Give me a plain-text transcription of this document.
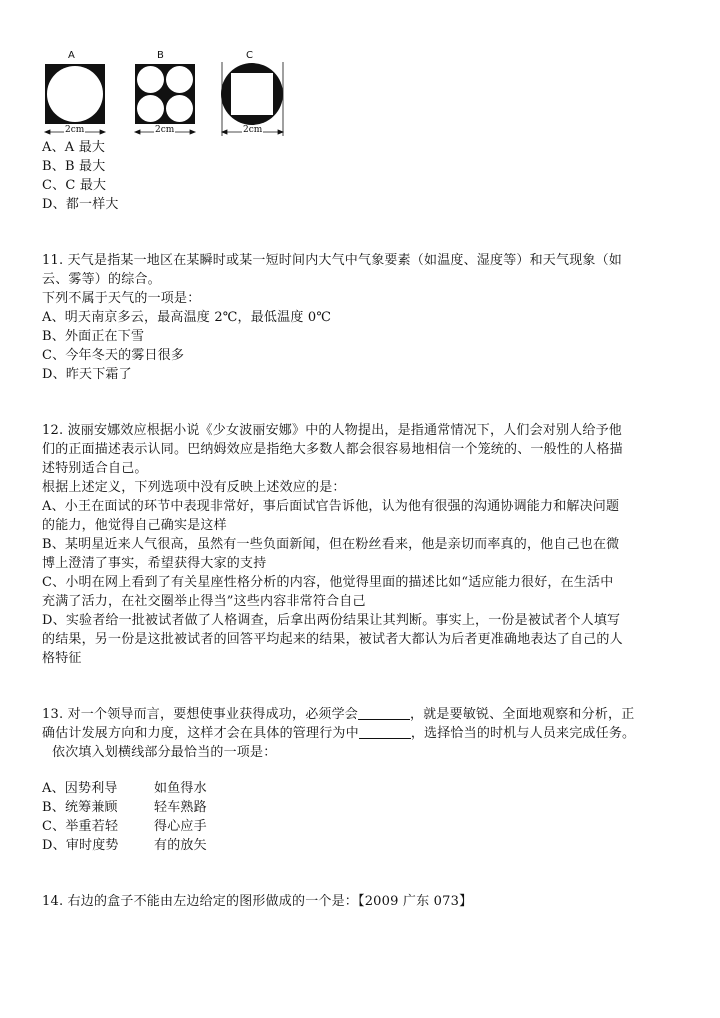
A	B	C
2cm	2cm	2cm
A、A 最大
B、B 最大
C、C 最大
D、都一样大
11. 天气是指某一地区在某瞬时或某一短时间内大气中气象要素（如温度、湿度等）和天气现象（如
云、雾等）的综合。
下列不属于天气的一项是：
A、明天南京多云，最高温度 2℃，最低温度 0℃
B、外面正在下雪
C、今年冬天的雾日很多
D、昨天下霜了
12. 波丽安娜效应根据小说《少女波丽安娜》中的人物提出，是指通常情况下，人们会对别人给予他
们的正面描述表示认同。巴纳姆效应是指绝大多数人都会很容易地相信一个笼统的、一般性的人格描
述特别适合自己。
根据上述定义，下列选项中没有反映上述效应的是：
A、小王在面试的环节中表现非常好，事后面试官告诉他，认为他有很强的沟通协调能力和解决问题
的能力，他觉得自己确实是这样
B、某明星近来人气很高，虽然有一些负面新闻，但在粉丝看来，他是亲切而率真的，他自己也在微
博上澄清了事实，希望获得大家的支持
C、小明在网上看到了有关星座性格分析的内容，他觉得里面的描述比如“适应能力很好，在生活中
充满了活力，在社交圈举止得当”这些内容非常符合自己
D、实验者给一批被试者做了人格调查，后拿出两份结果让其判断。事实上，一份是被试者个人填写
的结果，另一份是这批被试者的回答平均起来的结果，被试者大都认为后者更准确地表达了自己的人
格特征
13. 对一个领导而言，要想使事业获得成功，必须学会	，就是要敏锐、全面地观察和分析，正
确估计发展方向和力度，这样才会在具体的管理行为中	，选择恰当的时机与人员来完成任务。
依次填入划横线部分最恰当的一项是：
A、因势利导	如鱼得水
B、统筹兼顾	轻车熟路
C、举重若轻	得心应手
D、审时度势	有的放矢
14. 右边的盒子不能由左边给定的图形做成的一个是：【2009 广东 073】
